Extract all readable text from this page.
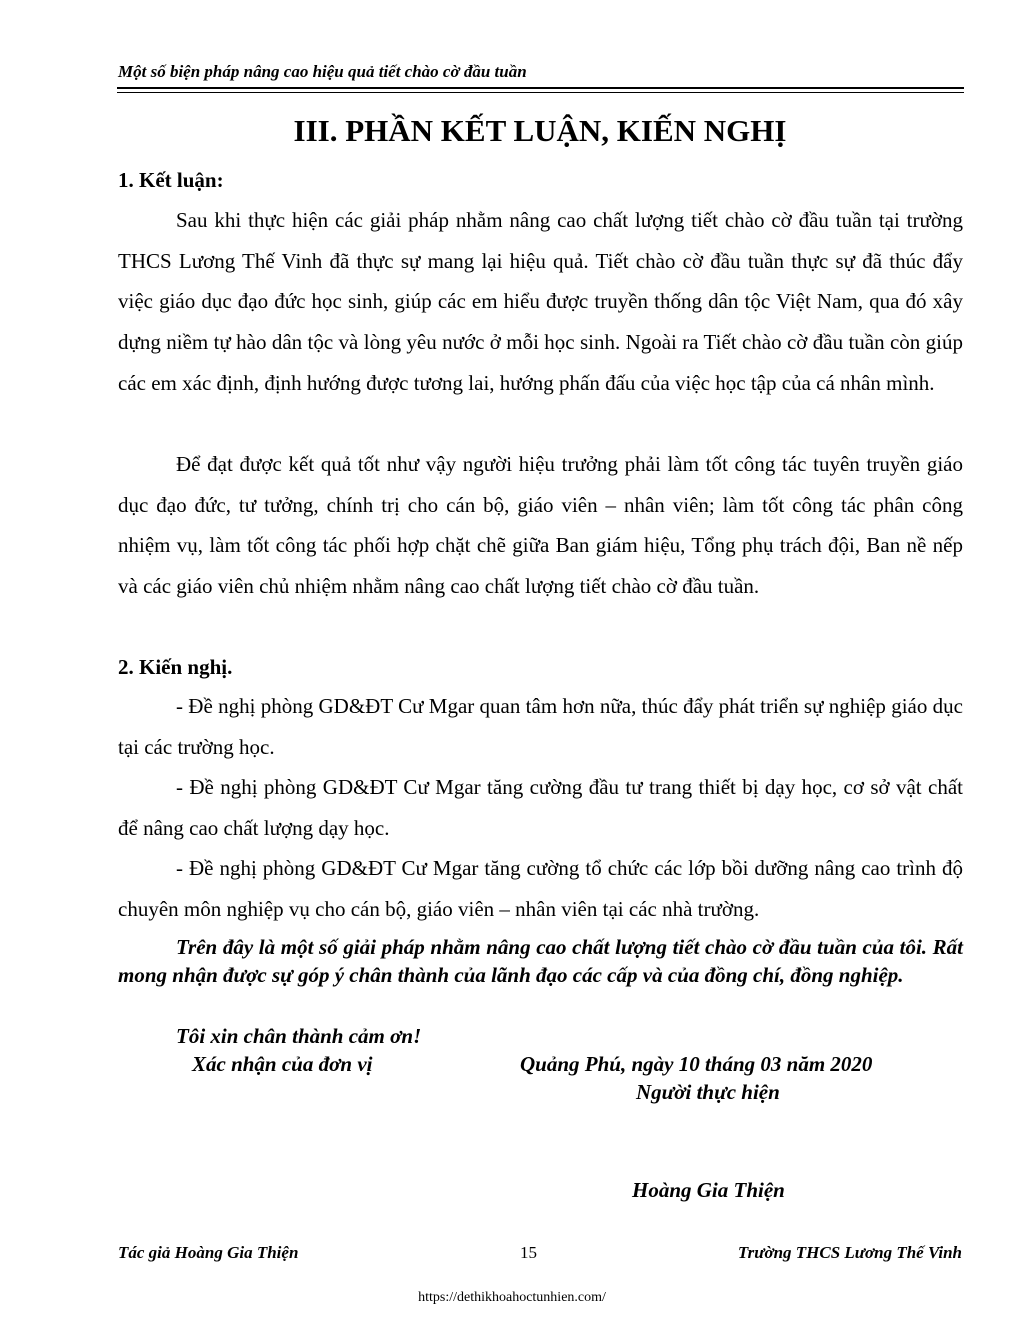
Một số biện pháp nâng cao hiệu quả tiết chào cờ đầu tuần
III. PHẦN KẾT LUẬN, KIẾN NGHỊ
1. Kết luận:
Sau khi thực hiện các giải pháp nhằm nâng cao chất lượng tiết chào cờ đầu tuần tại trường THCS Lương Thế Vinh đã thực sự mang lại hiệu quả. Tiết chào cờ đầu tuần thực sự đã thúc đẩy việc giáo dục đạo đức học sinh, giúp các em hiểu được truyền thống dân tộc Việt Nam, qua đó xây dựng niềm tự hào dân tộc và lòng yêu nước ở mỗi học sinh. Ngoài ra Tiết chào cờ đầu tuần còn giúp các em xác định, định hướng được tương lai, hướng phấn đấu của việc học tập của cá nhân mình.
Để đạt được kết quả tốt như vậy người hiệu trưởng phải làm tốt công tác tuyên truyền giáo dục đạo đức, tư tưởng, chính trị cho cán bộ, giáo viên – nhân viên; làm tốt công tác phân công nhiệm vụ, làm tốt công tác phối hợp chặt chẽ giữa Ban giám hiệu, Tổng phụ trách đội, Ban nề nếp và các giáo viên chủ nhiệm nhằm nâng cao chất lượng tiết chào cờ đầu tuần.
2. Kiến nghị.
- Đề nghị phòng GD&ĐT Cư Mgar quan tâm hơn nữa, thúc đẩy phát triển sự nghiệp giáo dục tại các trường học.
- Đề nghị phòng GD&ĐT Cư Mgar tăng cường đầu tư trang thiết bị dạy học, cơ sở vật chất để nâng cao chất lượng dạy học.
- Đề nghị phòng GD&ĐT Cư Mgar tăng cường tổ chức các lớp bồi dưỡng nâng cao trình độ chuyên môn nghiệp vụ cho cán bộ, giáo viên – nhân viên tại các nhà trường.
Trên đây là một số giải pháp nhằm nâng cao chất lượng tiết chào cờ đầu tuần của tôi. Rất mong nhận được sự góp ý chân thành của lãnh đạo các cấp và của đồng chí, đồng nghiệp.
Tôi xin chân thành cảm ơn!
Xác nhận của đơn vị	Quảng Phú, ngày 10 tháng 03 năm 2020
Người thực hiện
Hoàng Gia Thiện
Tác giả Hoàng Gia Thiện	15	Trường THCS Lương Thế Vinh
https://dethikhoahoctunhien.com/
